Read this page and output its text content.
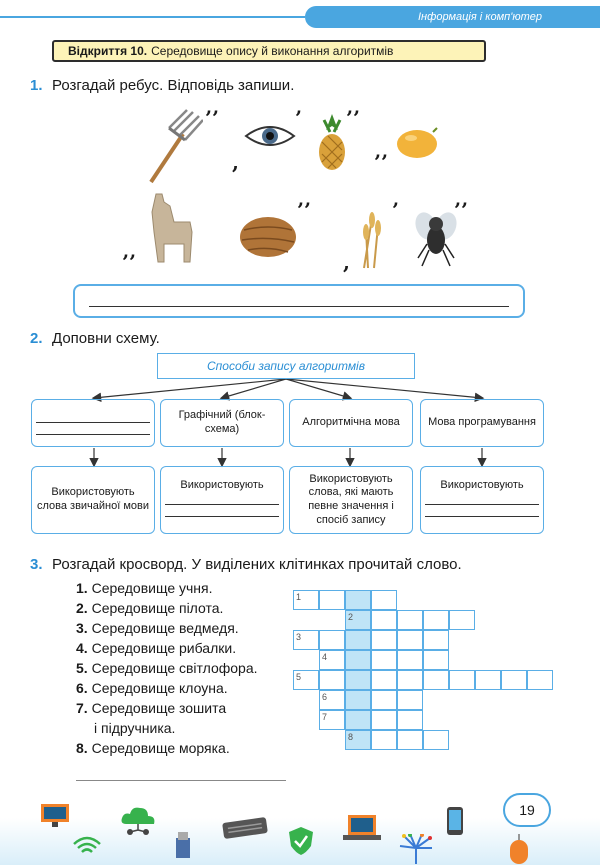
Інформація і комп'ютер
Відкриття 10. Середовище опису й виконання алгоритмів
1. Розгадай ребус. Відповідь запиши.
’’
,
’ ’’
’’
’’
’’
,
’	’’
2. Доповни схему.
Способи запису алгоритмів
Графічний (блок-схема)
Алгоритмічна мова	Мова програмування
Використовують слова звичайної мови
Використовують
Використовують слова, які мають певне значення і спосіб запису
Використовують
3. Розгадай кросворд. У виділених клітинках прочитай слово.
1. Середовище учня.
2. Середовище пілота.
3. Середовище ведмедя.
4. Середовище рибалки.
5. Середовище світлофора.
6. Середовище клоуна.
7. Середовище зошита
і підручника.
8. Середовище моряка.
1
2
3
4
5
6
7
8
19
